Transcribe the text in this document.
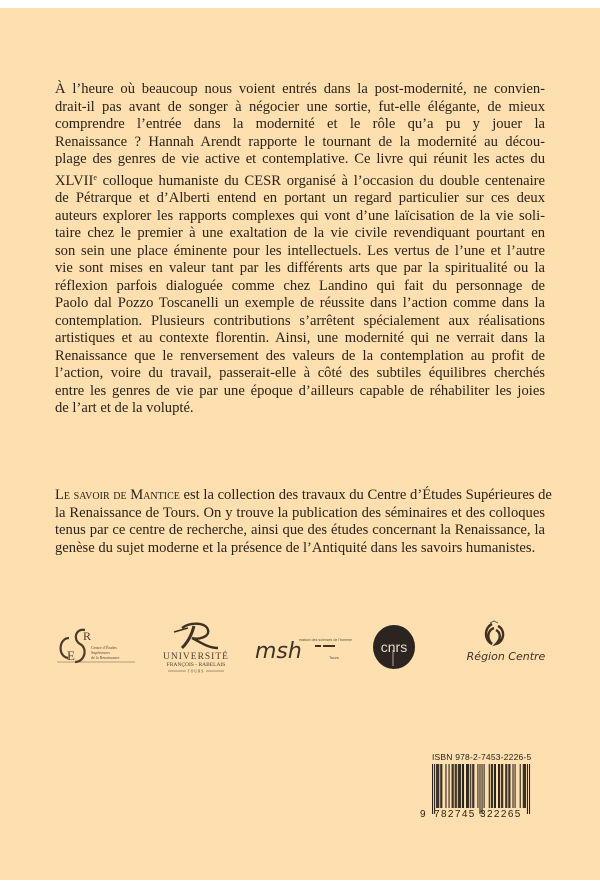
À l’heure où beaucoup nous voient entrés dans la post-modernité, ne convien-
drait-il pas avant de songer à négocier une sortie, fut-elle élégante, de mieux
comprendre l’entrée dans la modernité et le rôle qu’a pu y jouer la
Renaissance ? Hannah Arendt rapporte le tournant de la modernité au décou-
plage des genres de vie active et contemplative. Ce livre qui réunit les actes du
XLVIIe colloque humaniste du CESR organisé à l’occasion du double centenaire
de Pétrarque et d’Alberti entend en portant un regard particulier sur ces deux
auteurs explorer les rapports complexes qui vont d’une laïcisation de la vie soli-
taire chez le premier à une exaltation de la vie civile revendiquant pourtant en
son sein une place éminente pour les intellectuels. Les vertus de l’une et l’autre
vie sont mises en valeur tant par les différents arts que par la spiritualité ou la
réflexion parfois dialoguée comme chez Landino qui fait du personnage de
Paolo dal Pozzo Toscanelli un exemple de réussite dans l’action comme dans la
contemplation. Plusieurs contributions s’arrêtent spécialement aux réalisations
artistiques et au contexte florentin. Ainsi, une modernité qui ne verrait dans la
Renaissance que le renversement des valeurs de la contemplation au profit de
l’action, voire du travail, passerait-elle à côté des subtiles équilibres cherchés
entre les genres de vie par une époque d’ailleurs capable de réhabiliter les joies
de l’art et de la volupté.
Le savoir de Mantice est la collection des travaux du Centre d’Études Supérieures de
la Renaissance de Tours. On y trouve la publication des séminaires et des colloques
tenus par ce centre de recherche, ainsi que des études concernant la Renaissance, la
genèse du sujet moderne et la présence de l’Antiquité dans les savoirs humanistes.
E
R
Centre d’Études
Supérieures
de la Renaissance	UNIVERSITÉ
FRANÇOIS - RABELAIS
TOURS
msh
maison des sciences de l’homme
Tours
cnrs
Région Centre
ISBN 978-2-7453-2226-5
9 782745 322265
